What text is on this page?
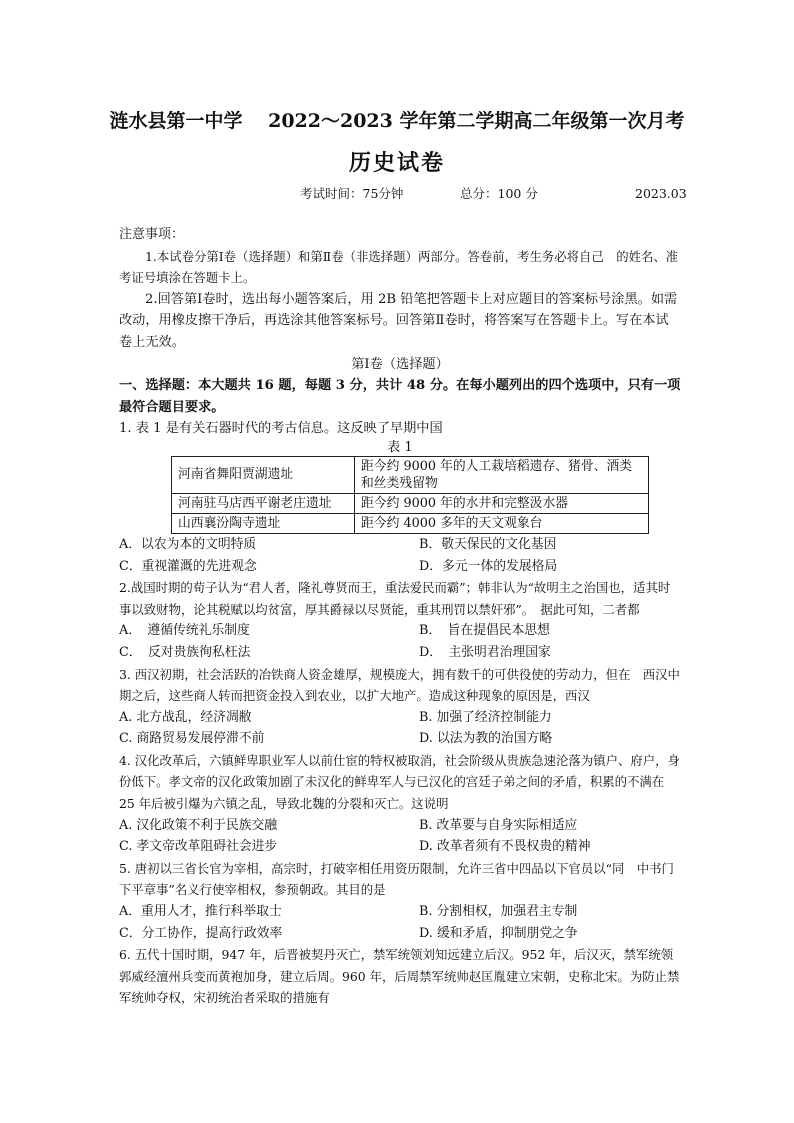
涟水县第一中学　 2022〜2023 学年第二学期高二年级第一次月考
历史试卷
考试时间：75分钟	总分：100 分	2023.03

注意事项：

1.本试卷分第Ⅰ卷（选择题）和第Ⅱ卷（非选择题）两部分。答卷前，考生务必将自己　的姓名、准考证号填涂在答题卡上。

2.回答第Ⅰ卷时，选出每小题答案后，用 2B 铅笔把答题卡上对应题目的答案标号涂黑。如需改动，用橡皮擦干净后，再选涂其他答案标号。回答第Ⅱ卷时，将答案写在答题卡上。写在本试卷上无效。

第Ⅰ卷（选择题）

一、选择题：本大题共 16 题，每题 3 分，共计 48 分。在每小题列出的四个选项中，只有一项最符合题目要求。

1. 表 1 是有关石器时代的考古信息。这反映了早期中国

表 1
河南省舞阳贾湖遗址	距今约 9000 年的人工栽培稻遗存、猪骨、酒类和丝类残留物
河南驻马店西平谢老庄遗址	距今约 9000 年的水井和完整汲水器
山西襄汾陶寺遗址	距今约 4000 多年的天文观象台
A．以农为本的文明特质	B．敬天保民的文化基因
C．重视灌溉的先进观念	D．多元一体的发展格局

2.战国时期的荀子认为“君人者，隆礼尊贤而王，重法爱民而霸”；韩非认为“故明主之治国也，适其时事以致财物，论其税赋以均贫富，厚其爵禄以尽贤能，重其刑罚以禁奸邪”。　据此可知，二者都

A．　遵循传统礼乐制度	B．　旨在提倡民本思想
C．　反对贵族徇私枉法	D．　主张明君治理国家

3. 西汉初期，社会活跃的冶铁商人资金雄厚，规模庞大，拥有数千的可供役使的劳动力，但在　西汉中期之后，这些商人转而把资金投入到农业，以扩大地产。造成这种现象的原因是，西汉

A. 北方战乱，经济凋敝	B. 加强了经济控制能力
C. 商路贸易发展停滞不前	D. 以法为教的治国方略

4. 汉化改革后，六镇鲜卑职业军人以前仕宦的特权被取消，社会阶级从贵族急速沦落为镇户、府户，身份低下。孝文帝的汉化政策加剧了未汉化的鲜卑军人与已汉化的宫廷子弟之间的矛盾，积累的不满在 25 年后被引爆为六镇之乱，导致北魏的分裂和灭亡。这说明

A. 汉化政策不利于民族交融	B. 改革要与自身实际相适应
C. 孝文帝改革阻碍社会进步	D. 改革者须有不畏权贵的精神

5. 唐初以三省长官为宰相，高宗时，打破宰相任用资历限制，允许三省中四品以下官员以“同　中书门下平章事”名义行使宰相权，参预朝政。其目的是

A．重用人才，推行科举取士	B. 分割相权，加强君主专制
C．分工协作，提高行政效率	D. 缓和矛盾，抑制朋党之争

6. 五代十国时期，947 年，后晋被契丹灭亡，禁军统领刘知远建立后汉。952 年，后汉灭，禁军统领郭威经澶州兵变而黄袍加身，建立后周。960 年，后周禁军统帅赵匡胤建立宋朝，史称北宋。为防止禁军统帅夺权，宋初统治者采取的措施有
